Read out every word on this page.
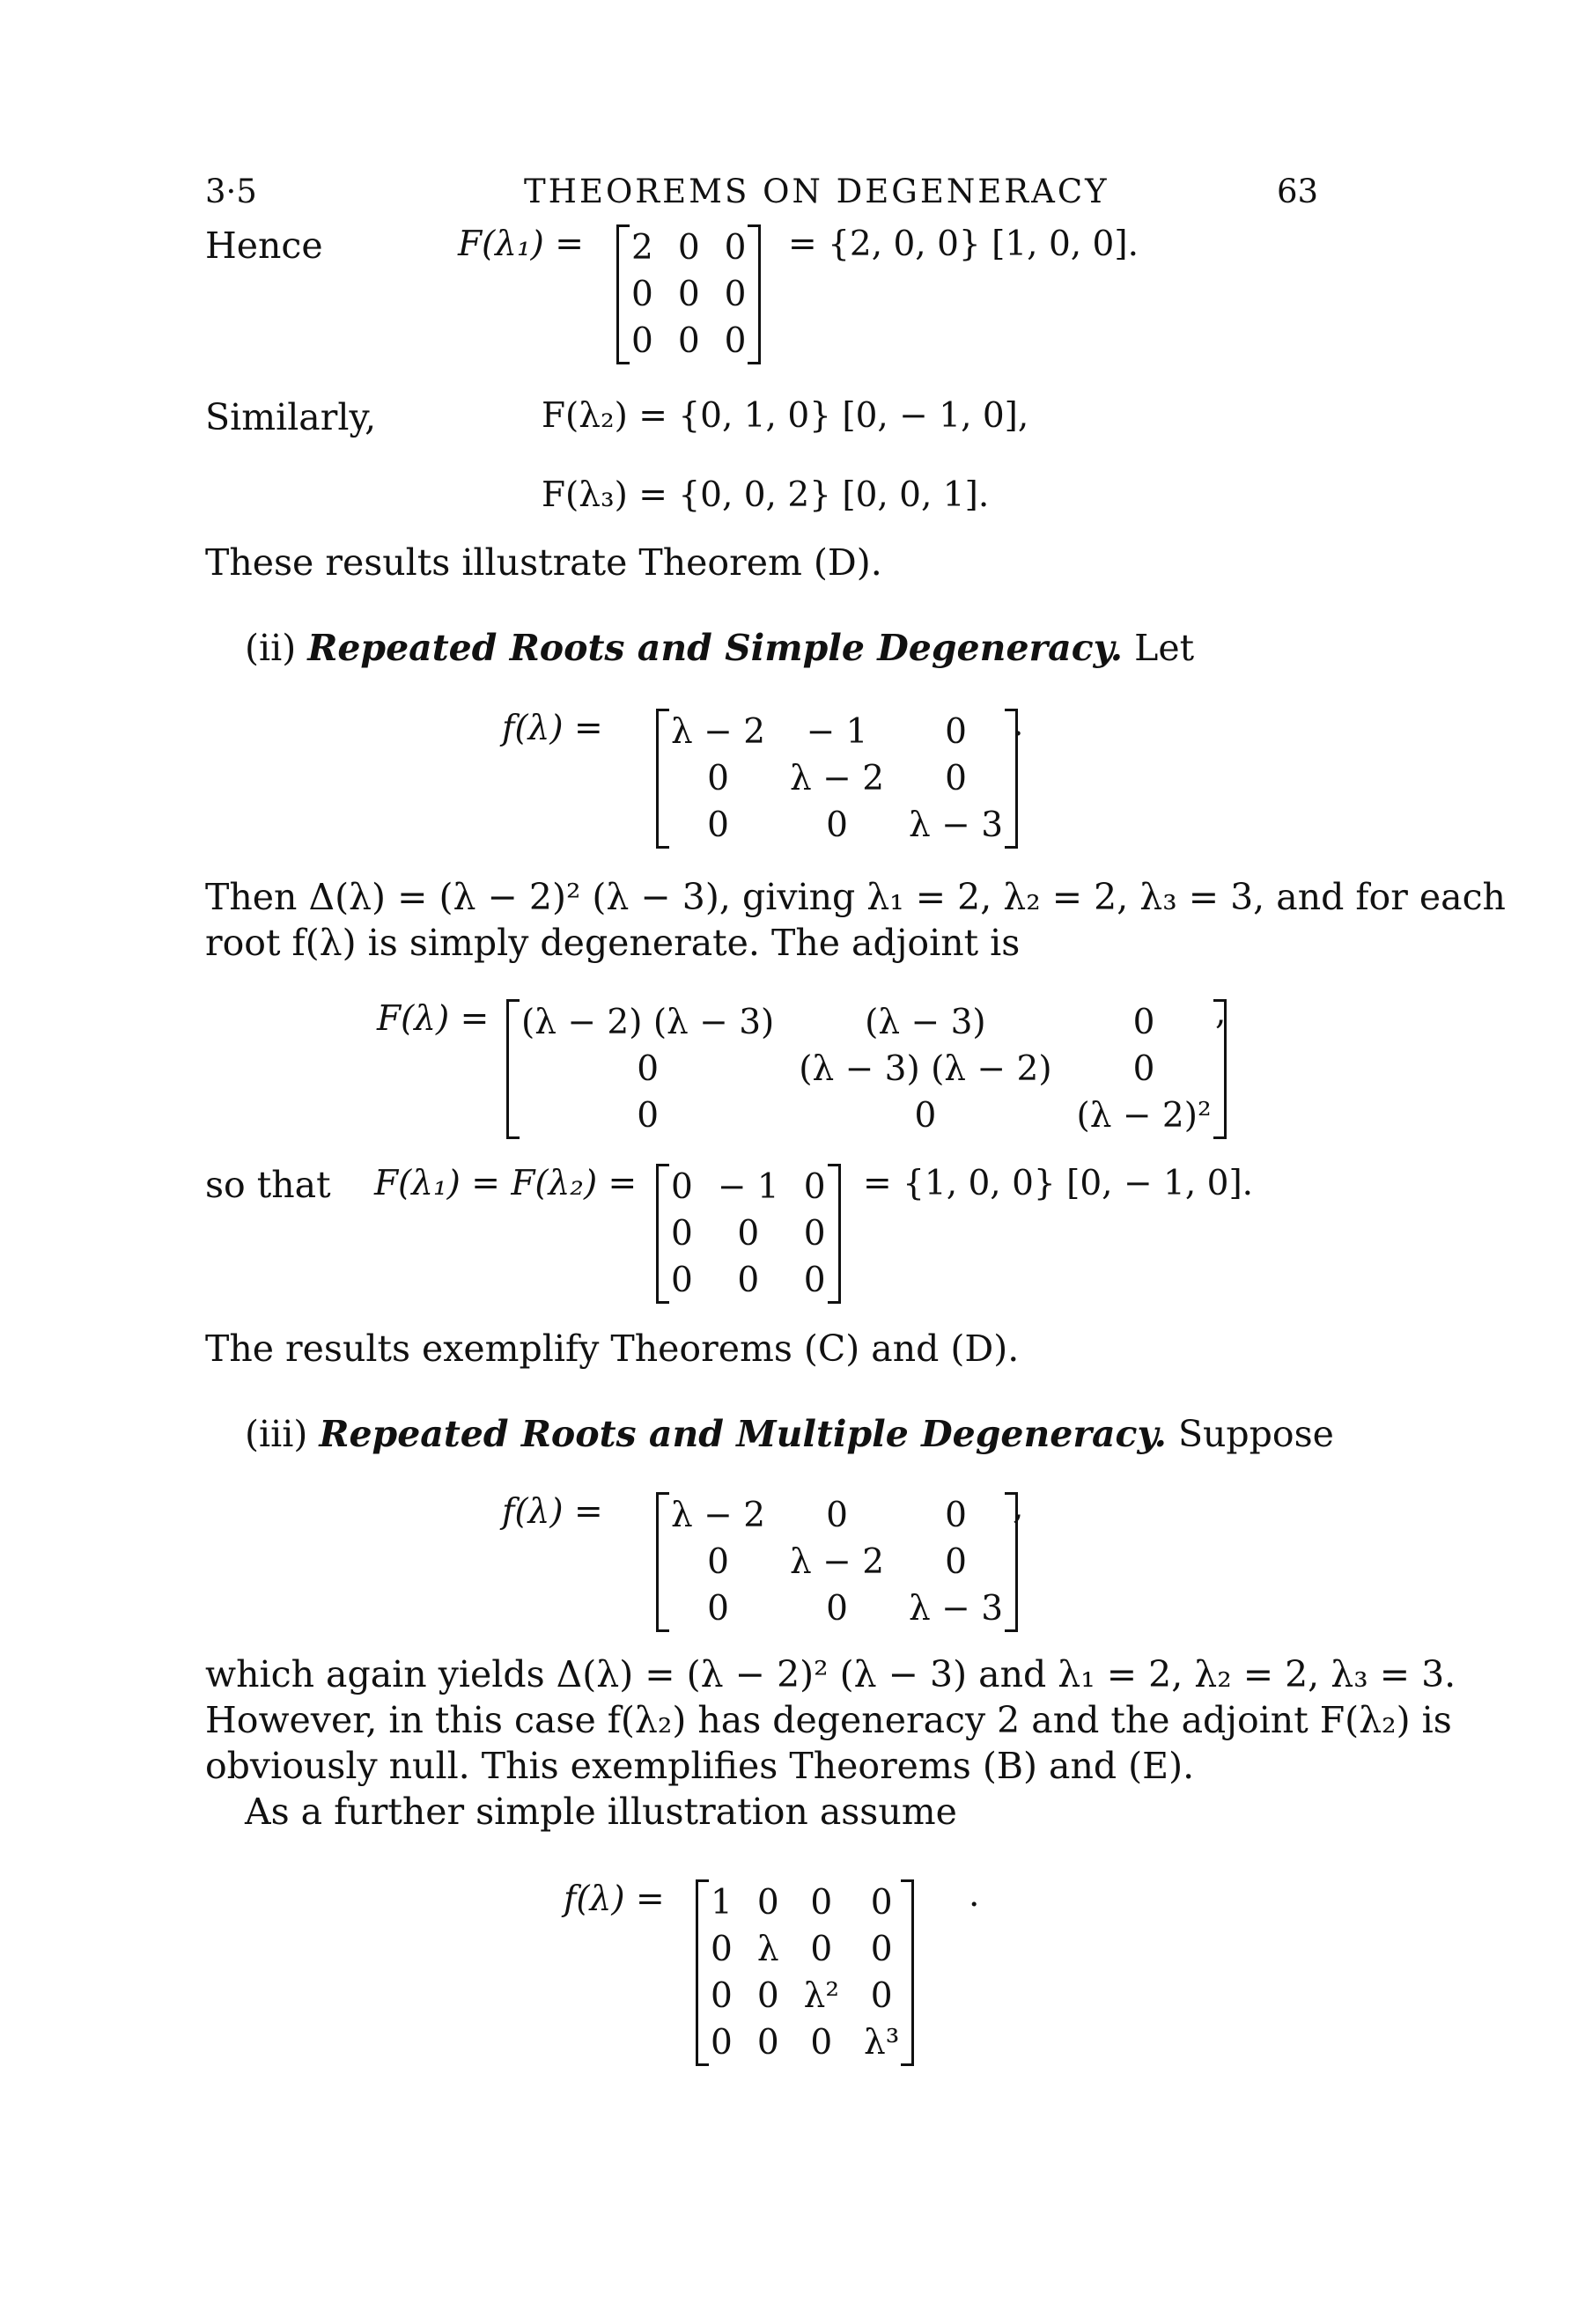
3·5	THEOREMS ON DEGENERACY	63
Hence	F(λ₁) = 2	0	0
0	0	0
0	0	0
= {2, 0, 0} [1, 0, 0].
Similarly,	F(λ₂) = {0, 1, 0} [0, − 1, 0],
F(λ₃) = {0, 0, 2} [0, 0, 1].
These results illustrate Theorem (D).
(ii) Repeated Roots and Simple Degeneracy. Let
f(λ) = λ − 2	− 1	0
0	λ − 2	0
0	0	λ − 3
.
Then Δ(λ) = (λ − 2)² (λ − 3), giving λ₁ = 2, λ₂ = 2, λ₃ = 3, and for each
root f(λ) is simply degenerate. The adjoint is
F(λ) = (λ − 2) (λ − 3)	(λ − 3)	0
0	(λ − 3) (λ − 2)	0
0	0	(λ − 2)²
,
so that F(λ₁) = F(λ₂) = 0	− 1	0
0	0	0
0	0	0
= {1, 0, 0} [0, − 1, 0].
The results exemplify Theorems (C) and (D).
(iii) Repeated Roots and Multiple Degeneracy. Suppose
f(λ) = λ − 2	0	0
0	λ − 2	0
0	0	λ − 3
,
which again yields Δ(λ) = (λ − 2)² (λ − 3) and λ₁ = 2, λ₂ = 2, λ₃ = 3.
However, in this case f(λ₂) has degeneracy 2 and the adjoint F(λ₂) is
obviously null. This exemplifies Theorems (B) and (E).
As a further simple illustration assume
f(λ) = 1	0	0	0
0	λ	0	0
0	0	λ²	0
0	0	0	λ³
.
